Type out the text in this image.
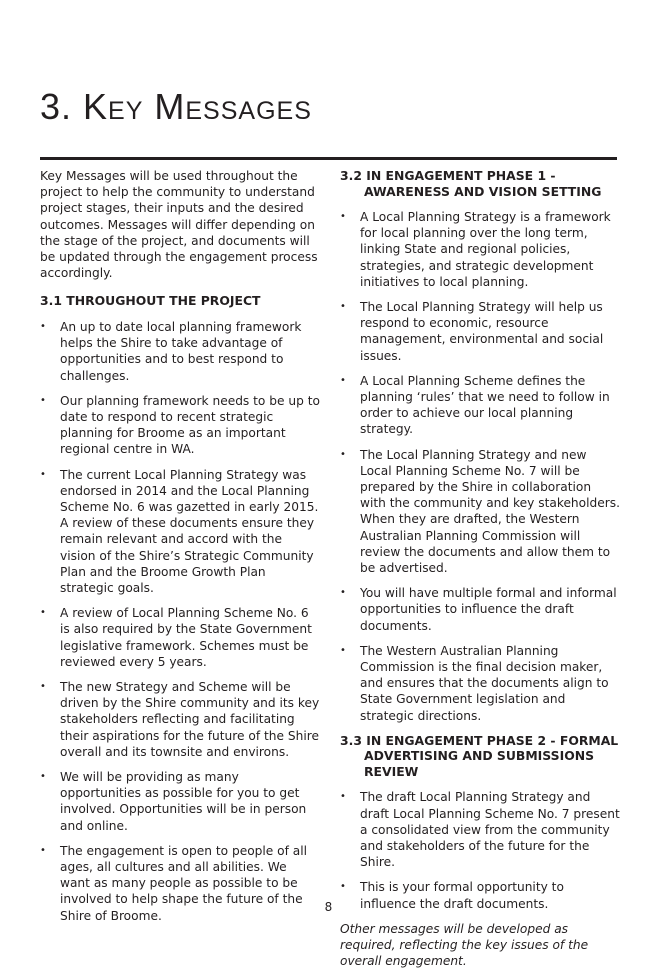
3. Key Messages

Key Messages will be used throughout the project to help the community to understand project stages, their inputs and the desired outcomes. Messages will differ depending on the stage of the project, and documents will be updated through the engagement process accordingly.

3.1 THROUGHOUT THE PROJECT
• An up to date local planning framework helps the Shire to take advantage of opportunities and to best respond to challenges.
• Our planning framework needs to be up to date to respond to recent strategic planning for Broome as an important regional centre in WA.
• The current Local Planning Strategy was endorsed in 2014 and the Local Planning Scheme No. 6 was gazetted in early 2015. A review of these documents ensure they remain relevant and accord with the vision of the Shire’s Strategic Community Plan and the Broome Growth Plan strategic goals.
• A review of Local Planning Scheme No. 6 is also required by the State Government legislative framework. Schemes must be reviewed every 5 years.
• The new Strategy and Scheme will be driven by the Shire community and its key stakeholders reflecting and facilitating their aspirations for the future of the Shire overall and its townsite and environs.
• We will be providing as many opportunities as possible for you to get involved. Opportunities will be in person and online.
• The engagement is open to people of all ages, all cultures and all abilities. We want as many people as possible to be involved to help shape the future of the Shire of Broome.
3.2 IN ENGAGEMENT PHASE 1 - AWARENESS AND VISION SETTING
• A Local Planning Strategy is a framework for local planning over the long term, linking State and regional policies, strategies, and strategic development initiatives to local planning.
• The Local Planning Strategy will help us respond to economic, resource management, environmental and social issues.
• A Local Planning Scheme defines the planning ‘rules’ that we need to follow in order to achieve our local planning strategy.
• The Local Planning Strategy and new Local Planning Scheme No. 7 will be prepared by the Shire in collaboration with the community and key stakeholders. When they are drafted, the Western Australian Planning Commission will review the documents and allow them to be advertised.
• You will have multiple formal and informal opportunities to influence the draft documents.
• The Western Australian Planning Commission is the final decision maker, and ensures that the documents align to State Government legislation and strategic directions.
3.3 IN ENGAGEMENT PHASE 2 - FORMAL ADVERTISING AND SUBMISSIONS REVIEW
• The draft Local Planning Strategy and draft Local Planning Scheme No. 7 present a consolidated view from the community and stakeholders of the future for the Shire.
• This is your formal opportunity to influence the draft documents.

Other messages will be developed as required, reflecting the key issues of the overall engagement.

8
